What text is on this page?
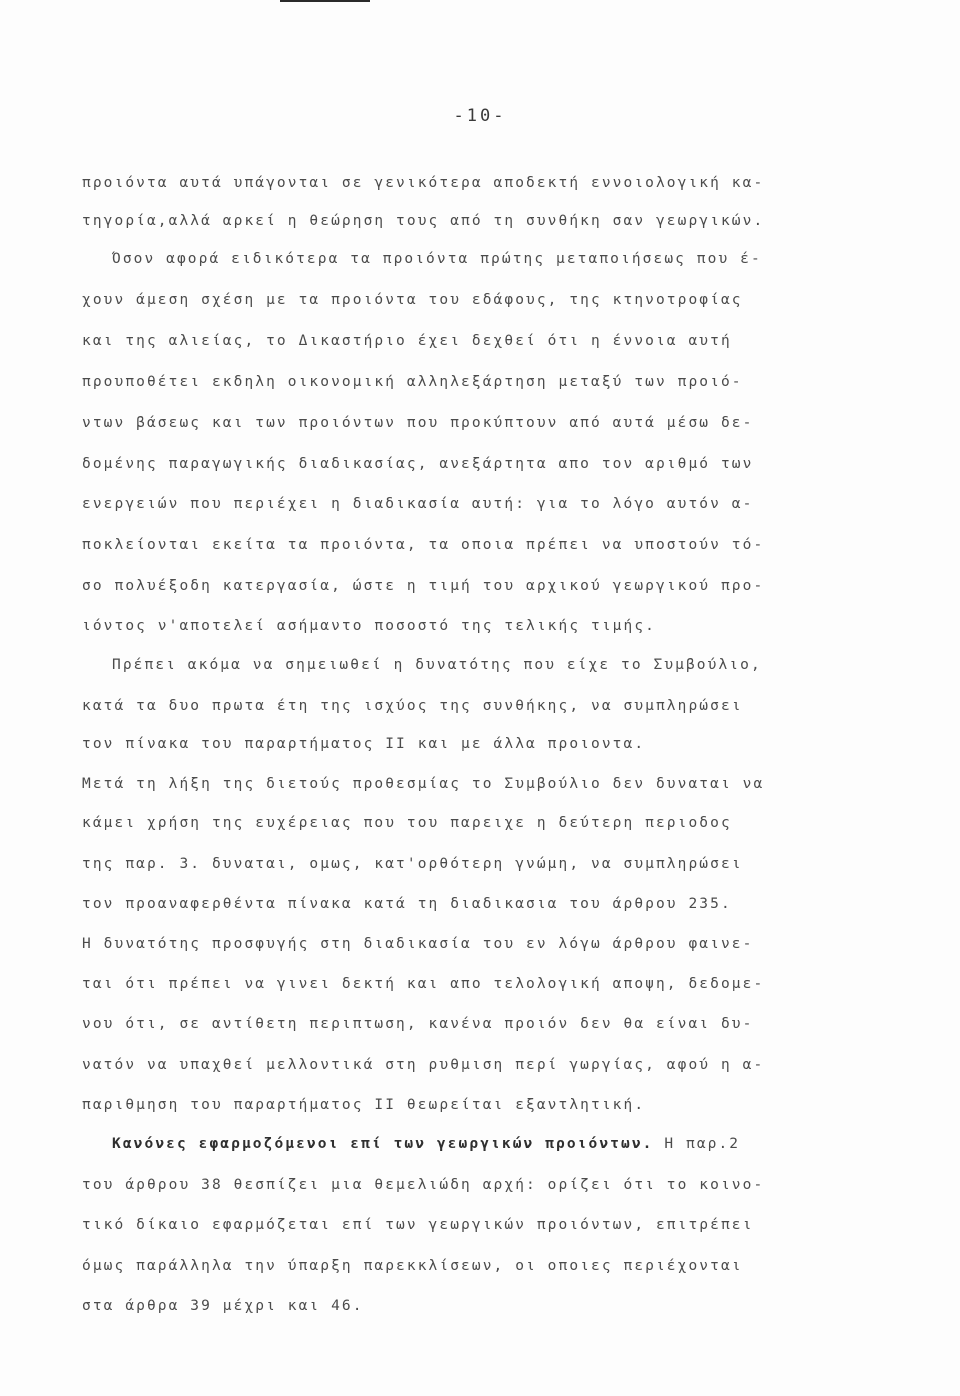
-10-
προιόντα αυτά υπάγονται σε γενικότερα αποδεκτή εννοιολογική κα-
τηγορία,αλλά αρκεί η θεώρηση τους από τη συνθήκη σαν γεωργικών.
Όσον αφορά ειδικότερα τα προιόντα πρώτης μεταποιήσεως που έ-
χουν άμεση σχέση με τα προιόντα του εδάφους, της κτηνοτροφίας
και της αλιείας, το Δικαστήριο έχει δεχθεί ότι η έννοια αυτή
προυποθέτει εκδηλη οικονομική αλληλεξάρτηση μεταξύ των προιό-
ντων βάσεως και των προιόντων που προκύπτουν από αυτά μέσω δε-
δομένης παραγωγικής διαδικασίας, ανεξάρτητα απο τον αριθμό των
ενεργειών που περιέχει η διαδικασία αυτή: για το λόγο αυτόν α-
ποκλείονται εκείτα τα προιόντα, τα οποια πρέπει να υποστούν τό-
σο πολυέξοδη κατεργασία, ώστε η τιμή του αρχικού γεωργικού προ-
ιόντος ν'αποτελεί ασήμαντο ποσοστό της τελικής τιμής.
Πρέπει ακόμα να σημειωθεί η δυνατότης που είχε το Συμβούλιο,
κατά τα δυο πρωτα έτη της ισχύος της συνθήκης, να συμπληρώσει
τον πίνακα του παραρτήματος II και με άλλα προιοντα.
Μετά τη λήξη της διετούς προθεσμίας το Συμβούλιο δεν δυναται να
κάμει χρήση της ευχέρειας που του παρειχε η δεύτερη περιοδος
της παρ. 3. δυναται, ομως, κατ'ορθότερη γνώμη, να συμπληρώσει
τον προαναφερθέντα πίνακα κατά τη διαδικασια του άρθρου 235.
Η δυνατότης προσφυγής στη διαδικασία του εν λόγω άρθρου φαινε-
ται ότι πρέπει να γινει δεκτή και απο τελολογική αποψη, δεδομε-
νου ότι, σε αντίθετη περιπτωση, κανένα προιόν δεν θα είναι δυ-
νατόν να υπαχθεί μελλοντικά στη ρυθμιση περί γωργίας, αφού η α-
παριθμηση του παραρτήματος II θεωρείται εξαντλητική.
Κανόνες εφαρμοζόμενοι επί των γεωργικών προιόντων. Η παρ.2
του άρθρου 38 θεσπίζει μια θεμελιώδη αρχή: ορίζει ότι το κοινο-
τικό δίκαιο εφαρμόζεται επί των γεωργικών προιόντων, επιτρέπει
όμως παράλληλα την ύπαρξη παρεκκλίσεων, οι οποιες περιέχονται
στα άρθρα 39 μέχρι και 46.
